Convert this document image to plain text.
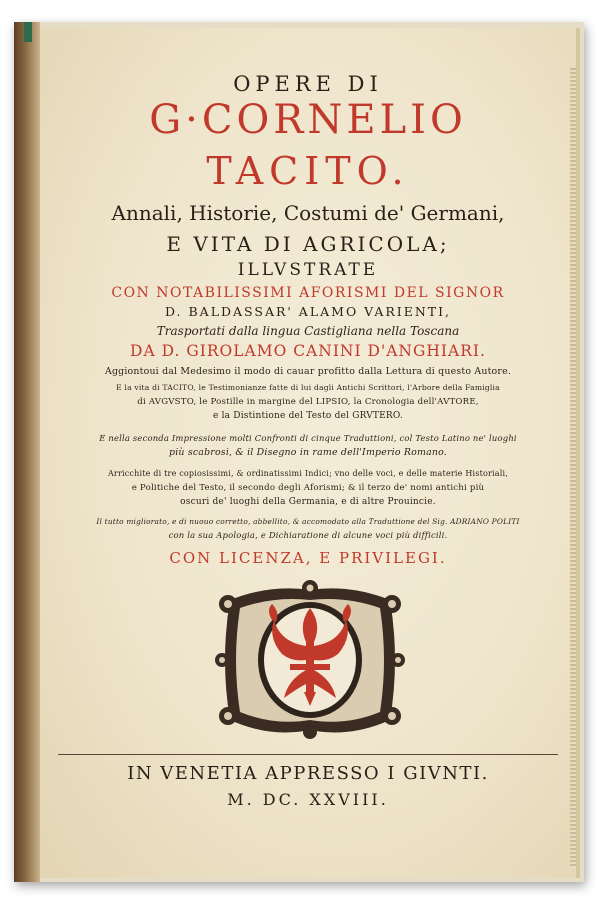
OPERE DI
G·CORNELIO
TACITO.
Annali, Historie, Costumi de' Germani,
E VITA DI AGRICOLA;
ILLVSTRATE
CON NOTABILISSIMI AFORISMI DEL SIGNOR
D. BALDASSAR' ALAMO VARIENTI,
Trasportati dalla lingua Castigliana nella Toscana
DA D. GIROLAMO CANINI D'ANGHIARI.
Aggiontoui dal Medesimo il modo di cauar profitto dalla Lettura di questo Autore.
E la vita di TACITO, le Testimonianze fatte di lui dagli Antichi Scrittori, l'Arbore della Famiglia
di AVGVSTO, le Postille in margine del LIPSIO, la Cronologia dell'AVTORE,
e la Distintione del Testo del GRVTERO.
E nella seconda Impressione molti Confronti di cinque Traduttioni, col Testo Latino ne' luoghi
più scabrosi, & il Disegno in rame dell'Imperio Romano.
Arricchite di tre copiosissimi, & ordinatissimi Indici; vno delle voci, e delle materie Historiali,
e Politiche del Testo, il secondo degli Aforismi; & il terzo de' nomi antichi più
oscuri de' luoghi della Germania, e di altre Prouincie.
Il tutto migliorato, e di nuouo corretto, abbellito, & accomodato alla Traduttione del Sig. ADRIANO POLITI
con la sua Apologia, e Dichiaratione di alcune voci più difficili.
CON LICENZA, E PRIVILEGI.
IN VENETIA APPRESSO I GIVNTI.
M. DC. XXVIII.
